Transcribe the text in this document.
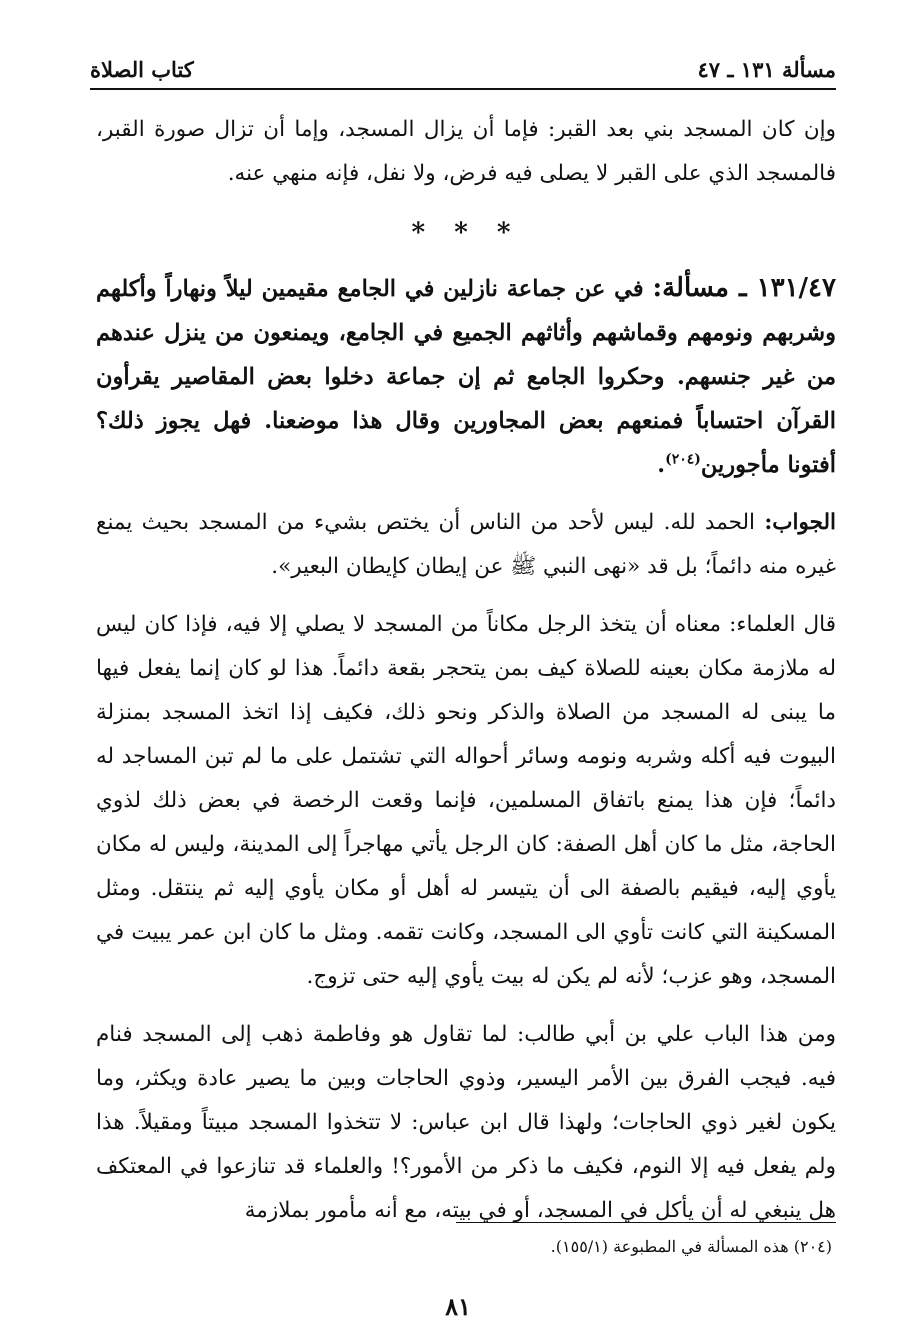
مسألة ١٣١ ـ ٤٧
كتاب الصلاة

وإن كان المسجد بني بعد القبر: فإما أن يزال المسجد، وإما أن تزال صورة القبر، فالمسجد الذي على القبر لا يصلى فيه فرض، ولا نفل، فإنه منهي عنه.

* * *

١٣١/٤٧ ـ مسألة: في عن جماعة نازلين في الجامع مقيمين ليلاً ونهاراً وأكلهم وشربهم ونومهم وقماشهم وأثاثهم الجميع في الجامع، ويمنعون من ينزل عندهم من غير جنسهم. وحكروا الجامع ثم إن جماعة دخلوا بعض المقاصير يقرأون القرآن احتساباً فمنعهم بعض المجاورين وقال هذا موضعنا. فهل يجوز ذلك؟ أفتونا مأجورين$^{(٢٠٤)}$.

الجواب: الحمد لله. ليس لأحد من الناس أن يختص بشيء من المسجد بحيث يمنع غيره منه دائماً؛ بل قد «نهى النبي ﷺ عن إيطان كإيطان البعير».

قال العلماء: معناه أن يتخذ الرجل مكاناً من المسجد لا يصلي إلا فيه، فإذا كان ليس له ملازمة مكان بعينه للصلاة كيف بمن يتحجر بقعة دائماً. هذا لو كان إنما يفعل فيها ما يبنى له المسجد من الصلاة والذكر ونحو ذلك، فكيف إذا اتخذ المسجد بمنزلة البيوت فيه أكله وشربه ونومه وسائر أحواله التي تشتمل على ما لم تبن المساجد له دائماً؛ فإن هذا يمنع باتفاق المسلمين، فإنما وقعت الرخصة في بعض ذلك لذوي الحاجة، مثل ما كان أهل الصفة: كان الرجل يأتي مهاجراً إلى المدينة، وليس له مكان يأوي إليه، فيقيم بالصفة الى أن يتيسر له أهل أو مكان يأوي إليه ثم ينتقل. ومثل المسكينة التي كانت تأوي الى المسجد، وكانت تقمه. ومثل ما كان ابن عمر يبيت في المسجد، وهو عزب؛ لأنه لم يكن له بيت يأوي إليه حتى تزوج.

ومن هذا الباب علي بن أبي طالب: لما تقاول هو وفاطمة ذهب إلى المسجد فنام فيه. فيجب الفرق بين الأمر اليسير، وذوي الحاجات وبين ما يصير عادة ويكثر، وما يكون لغير ذوي الحاجات؛ ولهذا قال ابن عباس: لا تتخذوا المسجد مبيتاً ومقيلاً. هذا ولم يفعل فيه إلا النوم، فكيف ما ذكر من الأمور؟! والعلماء قد تنازعوا في المعتكف هل ينبغي له أن يأكل في المسجد، أو في بيته، مع أنه مأمور بملازمة

(٢٠٤) هذه المسألة في المطبوعة (١٥٥/١).
٨١
